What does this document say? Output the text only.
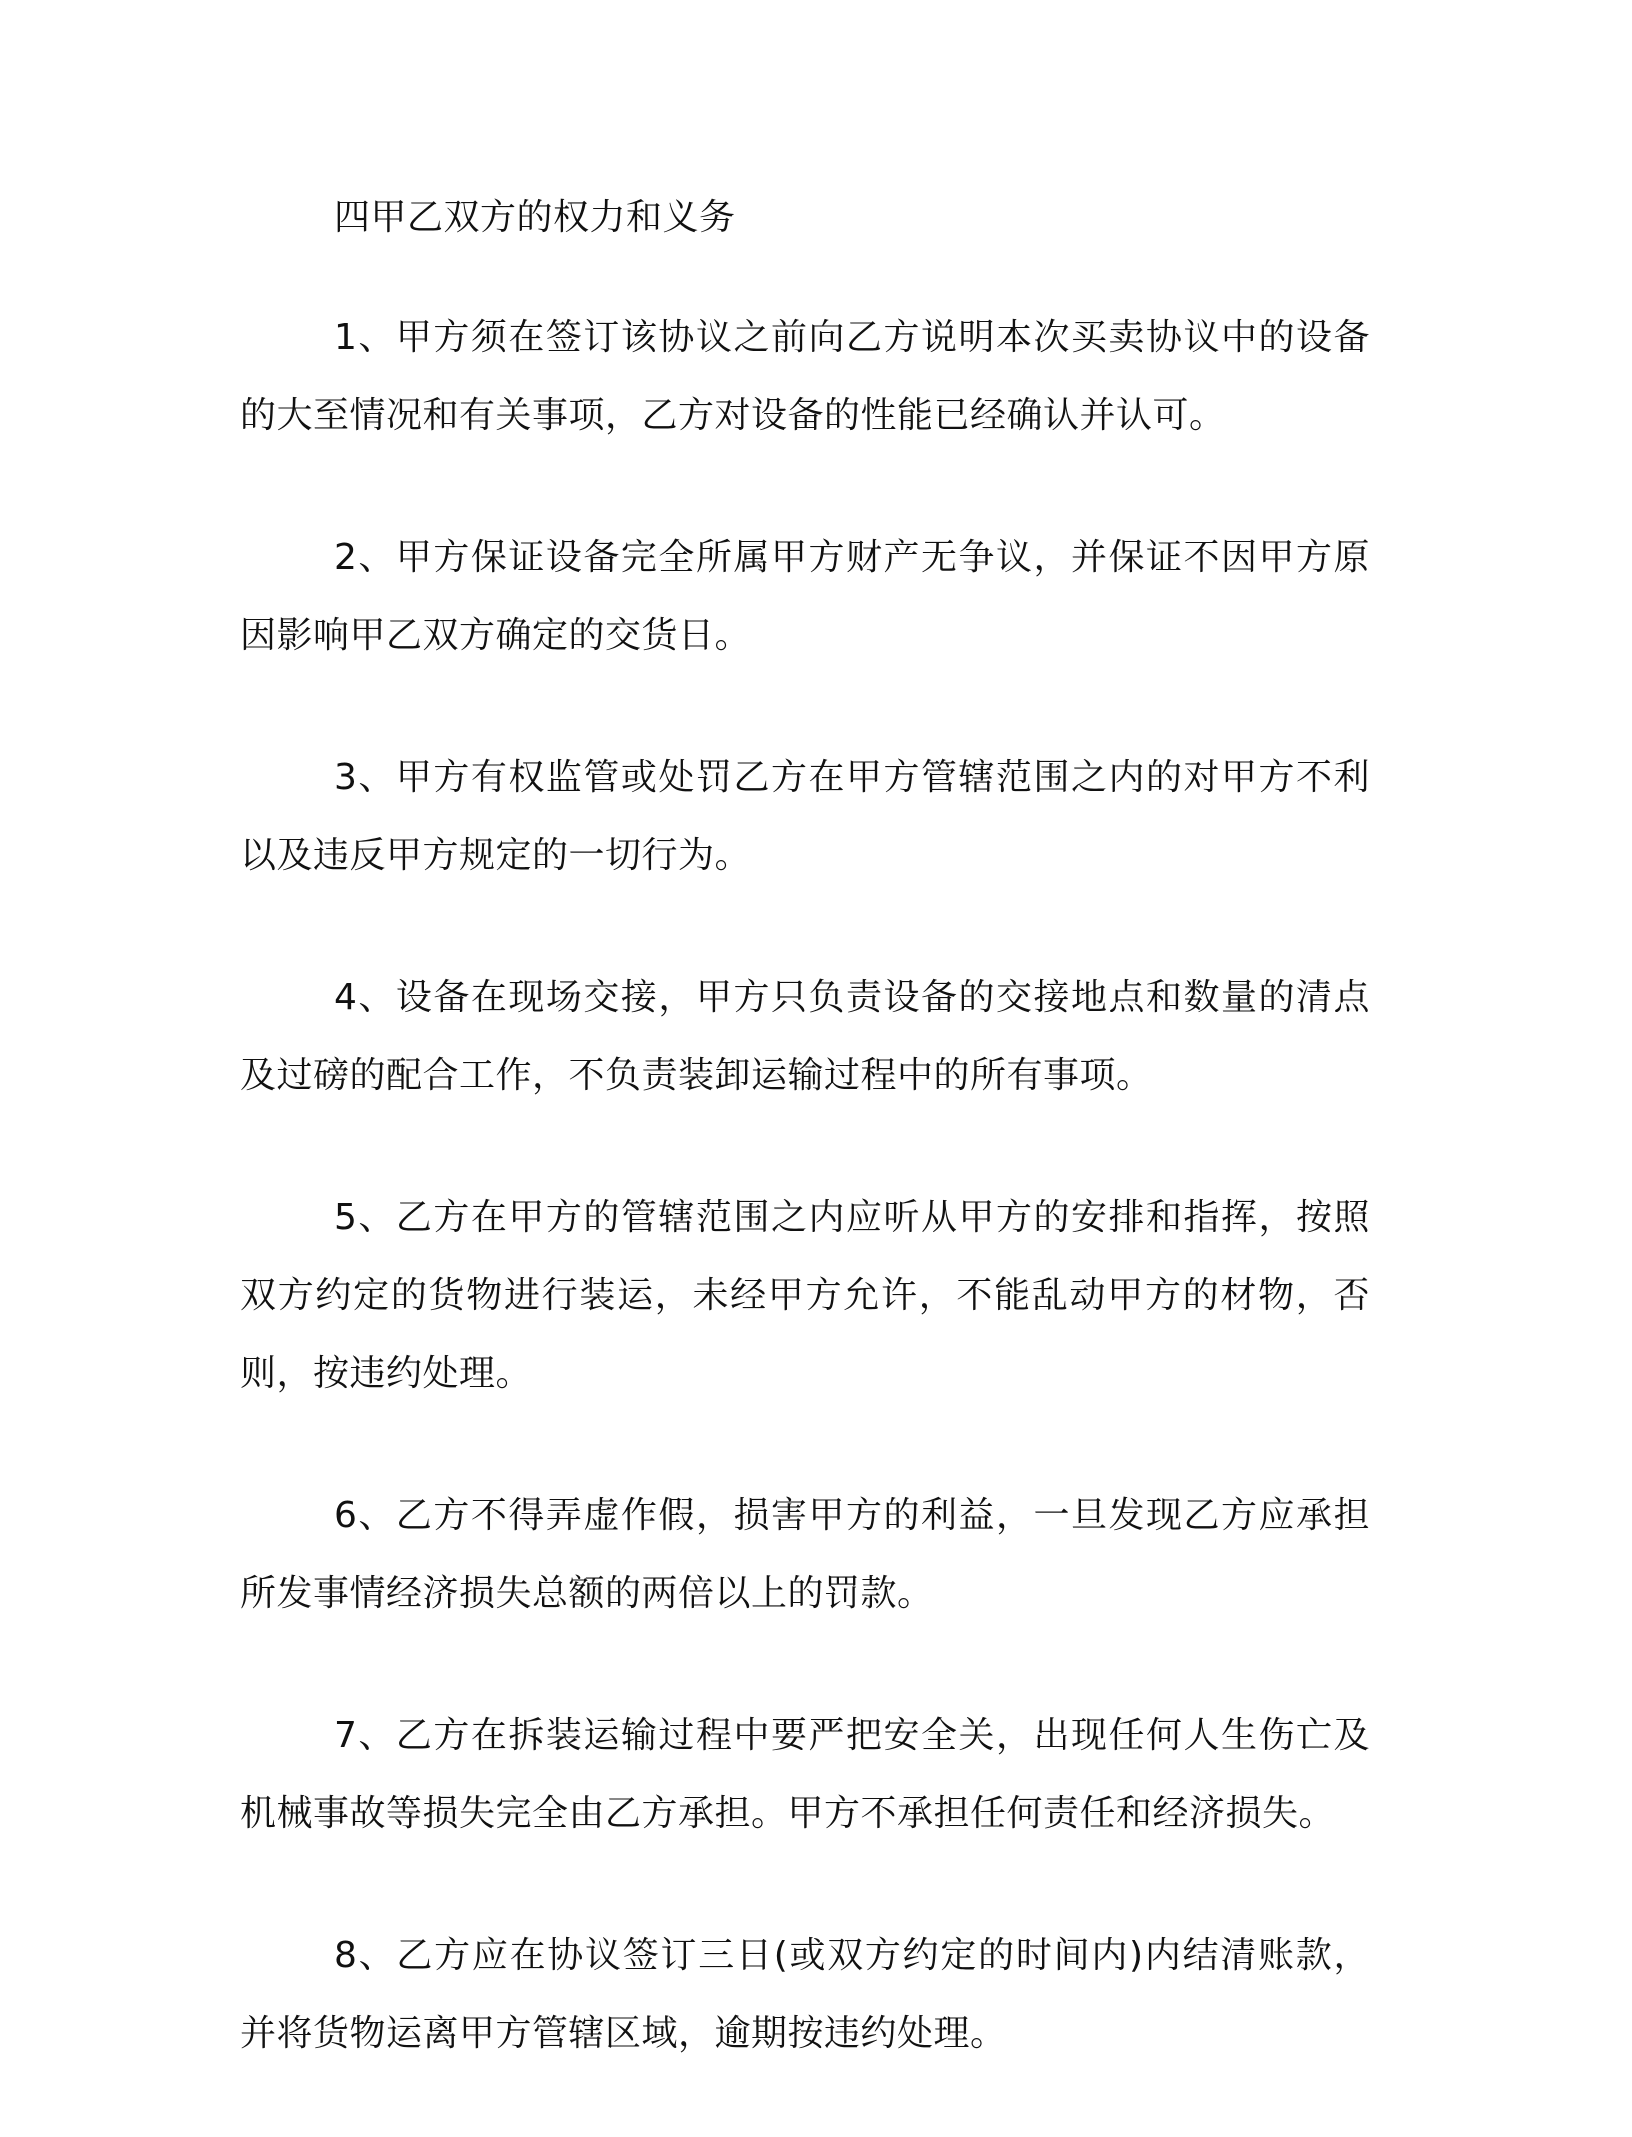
四甲乙双方的权力和义务

1、甲方须在签订该协议之前向乙方说明本次买卖协议中的设备的大至情况和有关事项，乙方对设备的性能已经确认并认可。

2、甲方保证设备完全所属甲方财产无争议，并保证不因甲方原因影响甲乙双方确定的交货日。

3、甲方有权监管或处罚乙方在甲方管辖范围之内的对甲方不利以及违反甲方规定的一切行为。

4、设备在现场交接，甲方只负责设备的交接地点和数量的清点及过磅的配合工作，不负责装卸运输过程中的所有事项。

5、乙方在甲方的管辖范围之内应听从甲方的安排和指挥，按照双方约定的货物进行装运，未经甲方允许，不能乱动甲方的材物，否则，按违约处理。

6、乙方不得弄虚作假，损害甲方的利益，一旦发现乙方应承担所发事情经济损失总额的两倍以上的罚款。

7、乙方在拆装运输过程中要严把安全关，出现任何人生伤亡及机械事故等损失完全由乙方承担。甲方不承担任何责任和经济损失。

8、乙方应在协议签订三日(或双方约定的时间内)内结清账款，并将货物运离甲方管辖区域，逾期按违约处理。
